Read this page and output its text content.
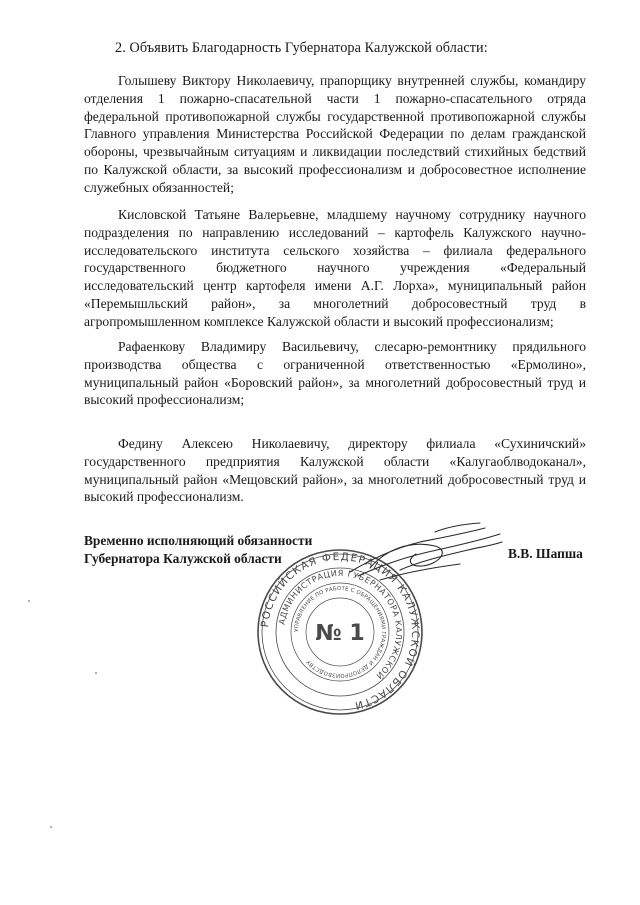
2. Объявить Благодарность Губернатора Калужской области:
Голышеву Виктору Николаевичу, прапорщику внутренней службы, командиру отделения 1 пожарно-спасательной части 1 пожарно-спасательного отряда федеральной противопожарной службы государственной противопожарной службы Главного управления Министерства Российской Федерации по делам гражданской обороны, чрезвычайным ситуациям и ликвидации последствий стихийных бедствий по Калужской области, за высокий профессионализм и добросовестное исполнение служебных обязанностей;
Кисловской Татьяне Валерьевне, младшему научному сотруднику научного подразделения по направлению исследований – картофель Калужского научно-исследовательского института сельского хозяйства – филиала федерального государственного бюджетного научного учреждения «Федеральный исследовательский центр картофеля имени А.Г. Лорха», муниципальный район «Перемышльский район», за многолетний добросовестный труд в агропромышленном комплексе Калужской области и высокий профессионализм;
Рафаенкову Владимиру Васильевичу, слесарю-ремонтнику прядильного производства общества с ограниченной ответственностью «Ермолино», муниципальный район «Боровский район», за многолетний добросовестный труд и высокий профессионализм;
Федину Алексею Николаевичу, директору филиала «Сухиничский» государственного предприятия Калужской области «Калугаоблводоканал», муниципальный район «Мещовский район», за многолетний добросовестный труд и высокий профессионализм.
Временно исполняющий обязанности
Губернатора Калужской области	В.В. Шапша
РОССИЙСКАЯ ФЕДЕРАЦИЯ КАЛУЖСКОЙ ОБЛАСТИ
АДМИНИСТРАЦИЯ ГУБЕРНАТОРА КАЛУЖСКОЙ
УПРАВЛЕНИЕ ПО РАБОТЕ С ОБРАЩЕНИЯМИ ГРАЖДАН И ДЕЛОПРОИЗВОДСТВУ
№ 1
